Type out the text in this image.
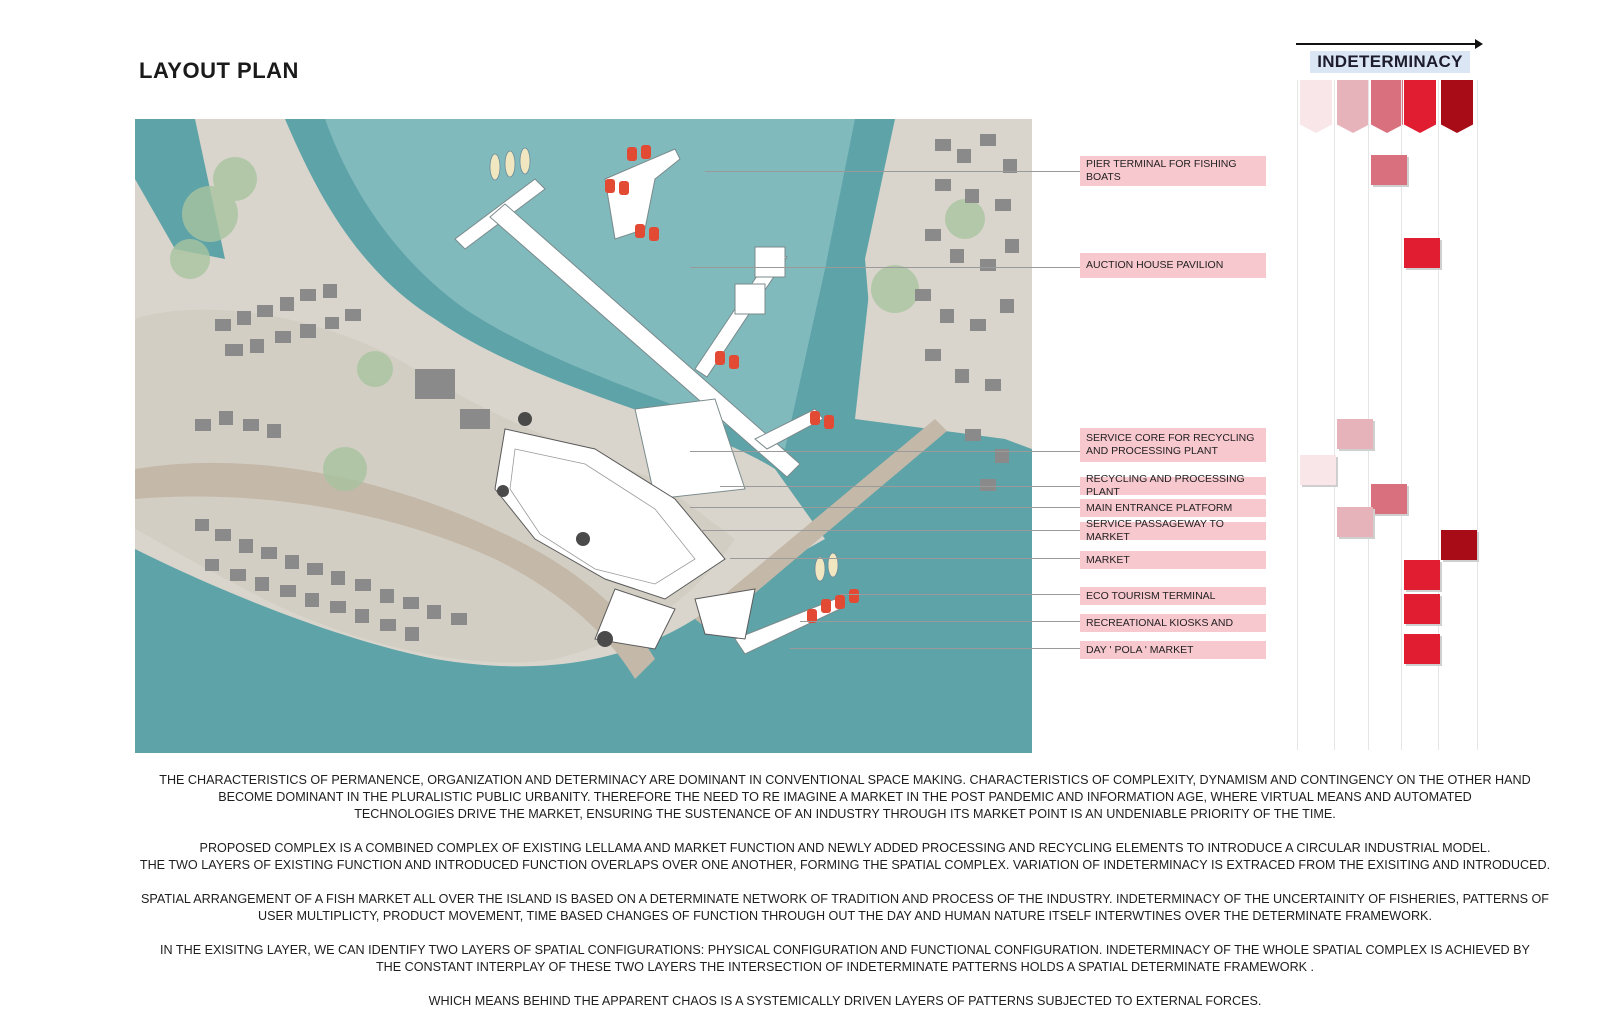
LAYOUT PLAN
PIER TERMINAL FOR FISHING BOATS
AUCTION HOUSE PAVILION
SERVICE CORE FOR RECYCLING AND PROCESSING PLANT
RECYCLING AND PROCESSING PLANT
MAIN ENTRANCE PLATFORM
SERVICE PASSAGEWAY TO MARKET
MARKET
ECO TOURISM TERMINAL
RECREATIONAL KIOSKS AND
DAY ' POLA ' MARKET
INDETERMINACY

THE CHARACTERISTICS OF PERMANENCE, ORGANIZATION AND DETERMINACY ARE DOMINANT IN CONVENTIONAL SPACE MAKING. CHARACTERISTICS OF COMPLEXITY, DYNAMISM AND CONTINGENCY ON THE OTHER HAND
BECOME DOMINANT IN THE PLURALISTIC PUBLIC URBANITY. THEREFORE THE NEED TO RE IMAGINE A MARKET IN THE POST PANDEMIC AND INFORMATION AGE, WHERE VIRTUAL MEANS AND AUTOMATED
TECHNOLOGIES DRIVE THE MARKET, ENSURING THE SUSTENANCE OF AN INDUSTRY THROUGH ITS MARKET POINT IS AN UNDENIABLE PRIORITY OF THE TIME.

PROPOSED COMPLEX IS A COMBINED COMPLEX OF EXISTING LELLAMA AND MARKET FUNCTION AND NEWLY ADDED PROCESSING AND RECYCLING ELEMENTS TO INTRODUCE A CIRCULAR INDUSTRIAL MODEL.
THE TWO LAYERS OF EXISTING FUNCTION AND INTRODUCED FUNCTION OVERLAPS OVER ONE ANOTHER, FORMING THE SPATIAL COMPLEX. VARIATION OF INDETERMINACY IS EXTRACED FROM THE EXISITING AND INTRODUCED.

SPATIAL ARRANGEMENT OF A FISH MARKET ALL OVER THE ISLAND IS BASED ON A DETERMINATE NETWORK OF TRADITION AND PROCESS OF THE INDUSTRY. INDETERMINACY OF THE UNCERTAINITY OF FISHERIES, PATTERNS OF
USER MULTIPLICTY, PRODUCT MOVEMENT, TIME BASED CHANGES OF FUNCTION THROUGH OUT THE DAY AND HUMAN NATURE ITSELF INTERWTINES OVER THE DETERMINATE FRAMEWORK.

IN THE EXISITNG LAYER, WE CAN IDENTIFY TWO LAYERS OF SPATIAL CONFIGURATIONS: PHYSICAL CONFIGURATION AND FUNCTIONAL CONFIGURATION. INDETERMINACY OF THE WHOLE SPATIAL COMPLEX IS ACHIEVED BY
THE CONSTANT INTERPLAY OF THESE TWO LAYERS THE INTERSECTION OF INDETERMINATE PATTERNS HOLDS A SPATIAL DETERMINATE FRAMEWORK .

WHICH MEANS BEHIND THE APPARENT CHAOS IS A SYSTEMICALLY DRIVEN LAYERS OF PATTERNS SUBJECTED TO EXTERNAL FORCES.
